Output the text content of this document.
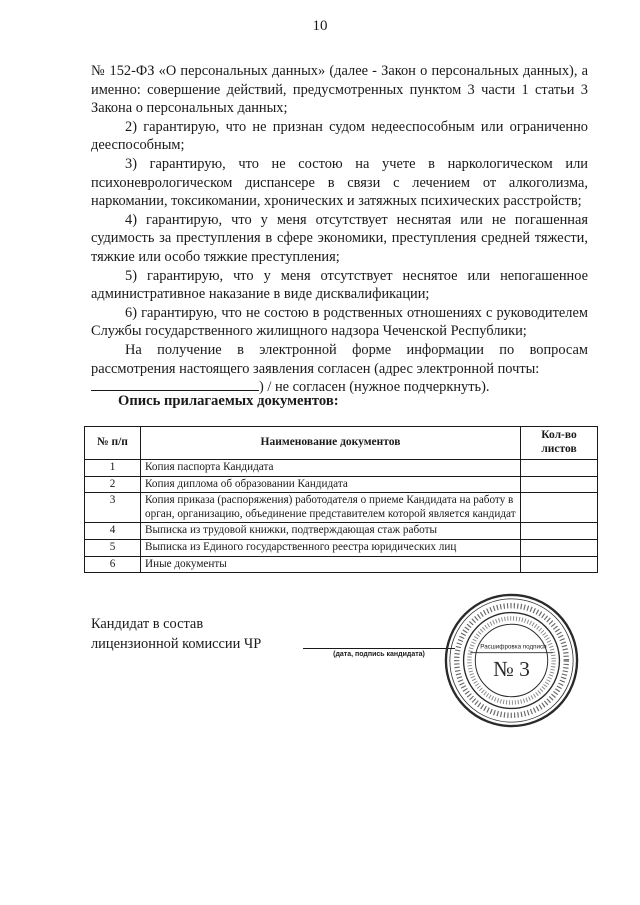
10

№ 152-ФЗ «О персональных данных» (далее - Закон о персональных данных), а именно: совершение действий, предусмотренных пунктом 3 части 1 статьи 3 Закона о персональных данных;

2) гарантирую, что не признан судом недееспособным или ограниченно дееспособным;

3) гарантирую, что не состою на учете в наркологическом или психоневрологическом диспансере в связи с лечением от алкоголизма, наркомании, токсикомании, хронических и затяжных психических расстройств;

4) гарантирую, что у меня отсутствует неснятая или не погашенная судимость за преступления в сфере экономики, преступления средней тяжести, тяжкие или особо тяжкие преступления;

5) гарантирую, что у меня отсутствует неснятое или непогашенное административное наказание в виде дисквалификации;

6) гарантирую, что не состою в родственных отношениях с руководителем Службы государственного жилищного надзора Чеченской Республики;

На получение в электронной форме информации по вопросам рассмотрения настоящего заявления согласен (адрес электронной почты:

) / не согласен (нужное подчеркнуть).

Опись прилагаемых документов:
№ п/п	Наименование документов	Кол-во листов
1	Копия паспорта Кандидата	
2	Копия диплома об образовании Кандидата	
3	Копия приказа (распоряжения) работодателя о приеме Кандидата на работу в орган, организацию, объединение представителем которой является кандидат	
4	Выписка из трудовой книжки, подтверждающая стаж работы	
5	Выписка из Единого государственного реестра юридических лиц	
6	Иные документы	
Кандидат в состав
лицензионной комиссии ЧР
(дата, подпись кандидата)
Расшифровка подписи
№ 3
